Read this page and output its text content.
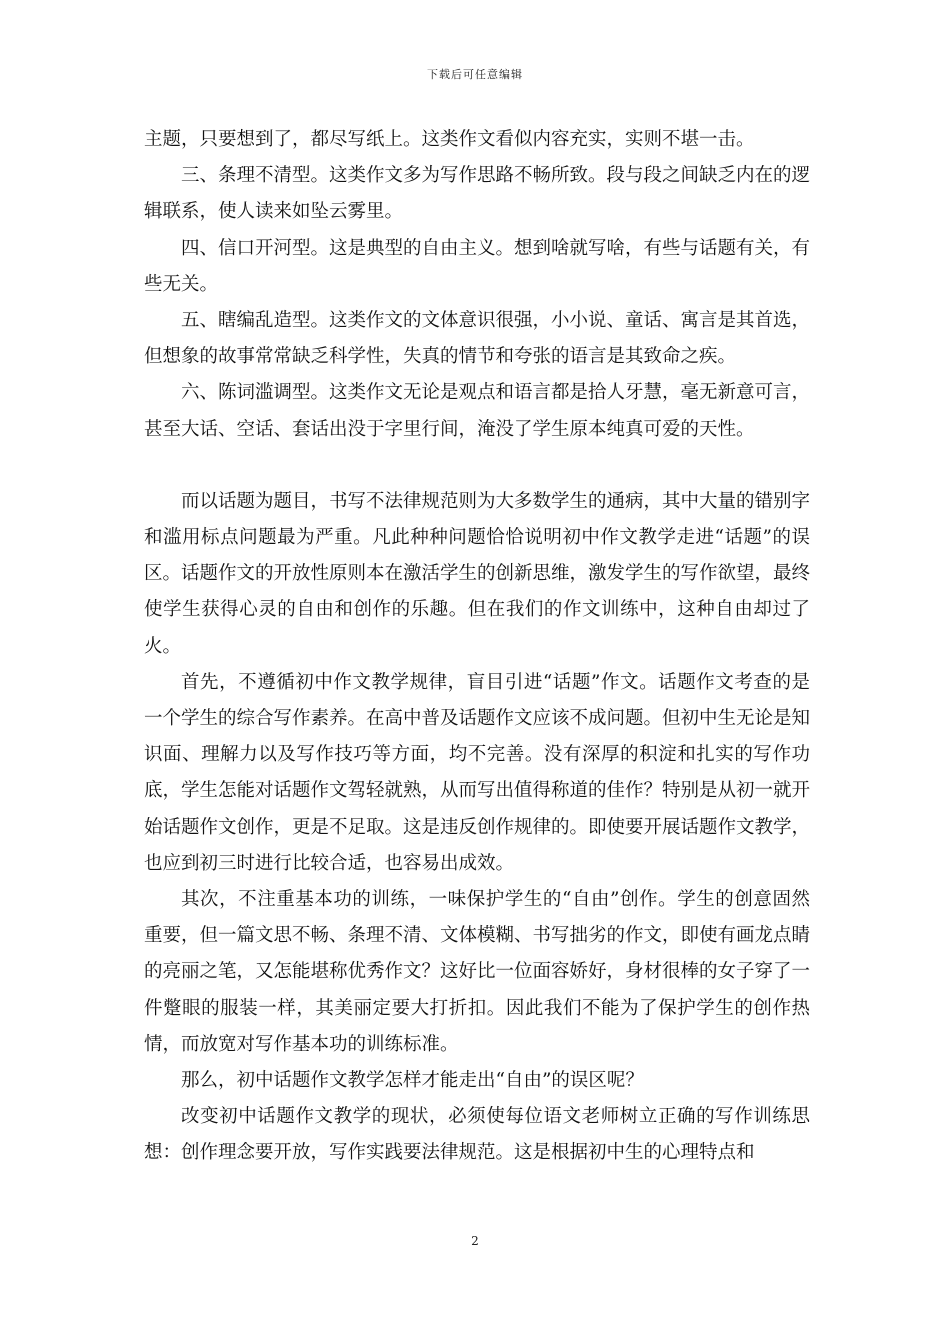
下载后可任意编辑

主题，只要想到了，都尽写纸上。这类作文看似内容充实，实则不堪一击。

三、条理不清型。这类作文多为写作思路不畅所致。段与段之间缺乏内在的逻辑联系，使人读来如坠云雾里。

四、信口开河型。这是典型的自由主义。想到啥就写啥，有些与话题有关，有些无关。

五、瞎编乱造型。这类作文的文体意识很强，小小说、童话、寓言是其首选，但想象的故事常常缺乏科学性，失真的情节和夸张的语言是其致命之疾。

六、陈词滥调型。这类作文无论是观点和语言都是拾人牙慧，毫无新意可言，甚至大话、空话、套话出没于字里行间，淹没了学生原本纯真可爱的天性。

而以话题为题目，书写不法律规范则为大多数学生的通病，其中大量的错别字和滥用标点问题最为严重。凡此种种问题恰恰说明初中作文教学走进“话题”的误区。话题作文的开放性原则本在激活学生的创新思维，激发学生的写作欲望，最终使学生获得心灵的自由和创作的乐趣。但在我们的作文训练中，这种自由却过了火。

首先，不遵循初中作文教学规律，盲目引进“话题”作文。话题作文考查的是一个学生的综合写作素养。在高中普及话题作文应该不成问题。但初中生无论是知识面、理解力以及写作技巧等方面，均不完善。没有深厚的积淀和扎实的写作功底，学生怎能对话题作文驾轻就熟，从而写出值得称道的佳作？特别是从初一就开始话题作文创作，更是不足取。这是违反创作规律的。即使要开展话题作文教学，也应到初三时进行比较合适，也容易出成效。

其次，不注重基本功的训练，一味保护学生的“自由”创作。学生的创意固然重要，但一篇文思不畅、条理不清、文体模糊、书写拙劣的作文，即使有画龙点睛的亮丽之笔，又怎能堪称优秀作文？这好比一位面容娇好，身材很棒的女子穿了一件蹩眼的服装一样，其美丽定要大打折扣。因此我们不能为了保护学生的创作热情，而放宽对写作基本功的训练标准。

那么，初中话题作文教学怎样才能走出“自由”的误区呢？

改变初中话题作文教学的现状，必须使每位语文老师树立正确的写作训练思想：创作理念要开放，写作实践要法律规范。这是根据初中生的心理特点和

2
